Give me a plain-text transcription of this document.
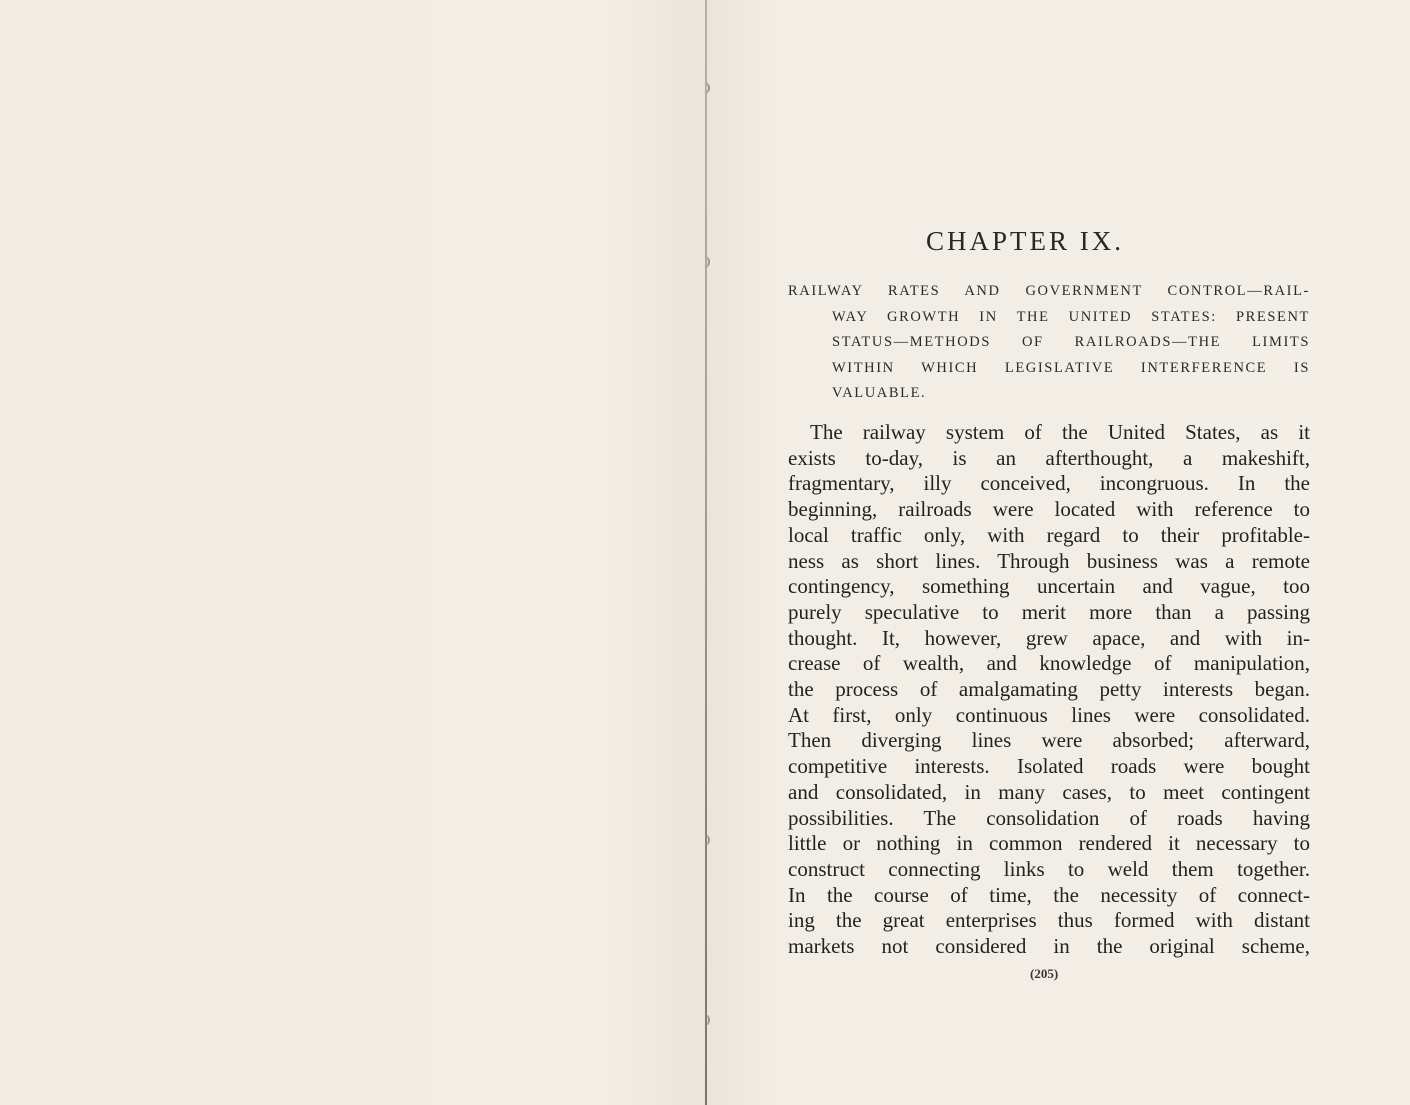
CHAPTER IX.
RAILWAY RATES AND GOVERNMENT CONTROL—RAIL-
WAY GROWTH IN THE UNITED STATES: PRESENT
STATUS—METHODS OF RAILROADS—THE LIMITS
WITHIN WHICH LEGISLATIVE INTERFERENCE IS
VALUABLE.
The railway system of the United States, as it
exists to-day, is an afterthought, a makeshift,
fragmentary, illy conceived, incongruous. In the
beginning, railroads were located with reference to
local traffic only, with regard to their profitable-
ness as short lines. Through business was a remote
contingency, something uncertain and vague, too
purely speculative to merit more than a passing
thought. It, however, grew apace, and with in-
crease of wealth, and knowledge of manipulation,
the process of amalgamating petty interests began.
At first, only continuous lines were consolidated.
Then diverging lines were absorbed; afterward,
competitive interests. Isolated roads were bought
and consolidated, in many cases, to meet contingent
possibilities. The consolidation of roads having
little or nothing in common rendered it necessary to
construct connecting links to weld them together.
In the course of time, the necessity of connect-
ing the great enterprises thus formed with distant
markets not considered in the original scheme,
(205)
